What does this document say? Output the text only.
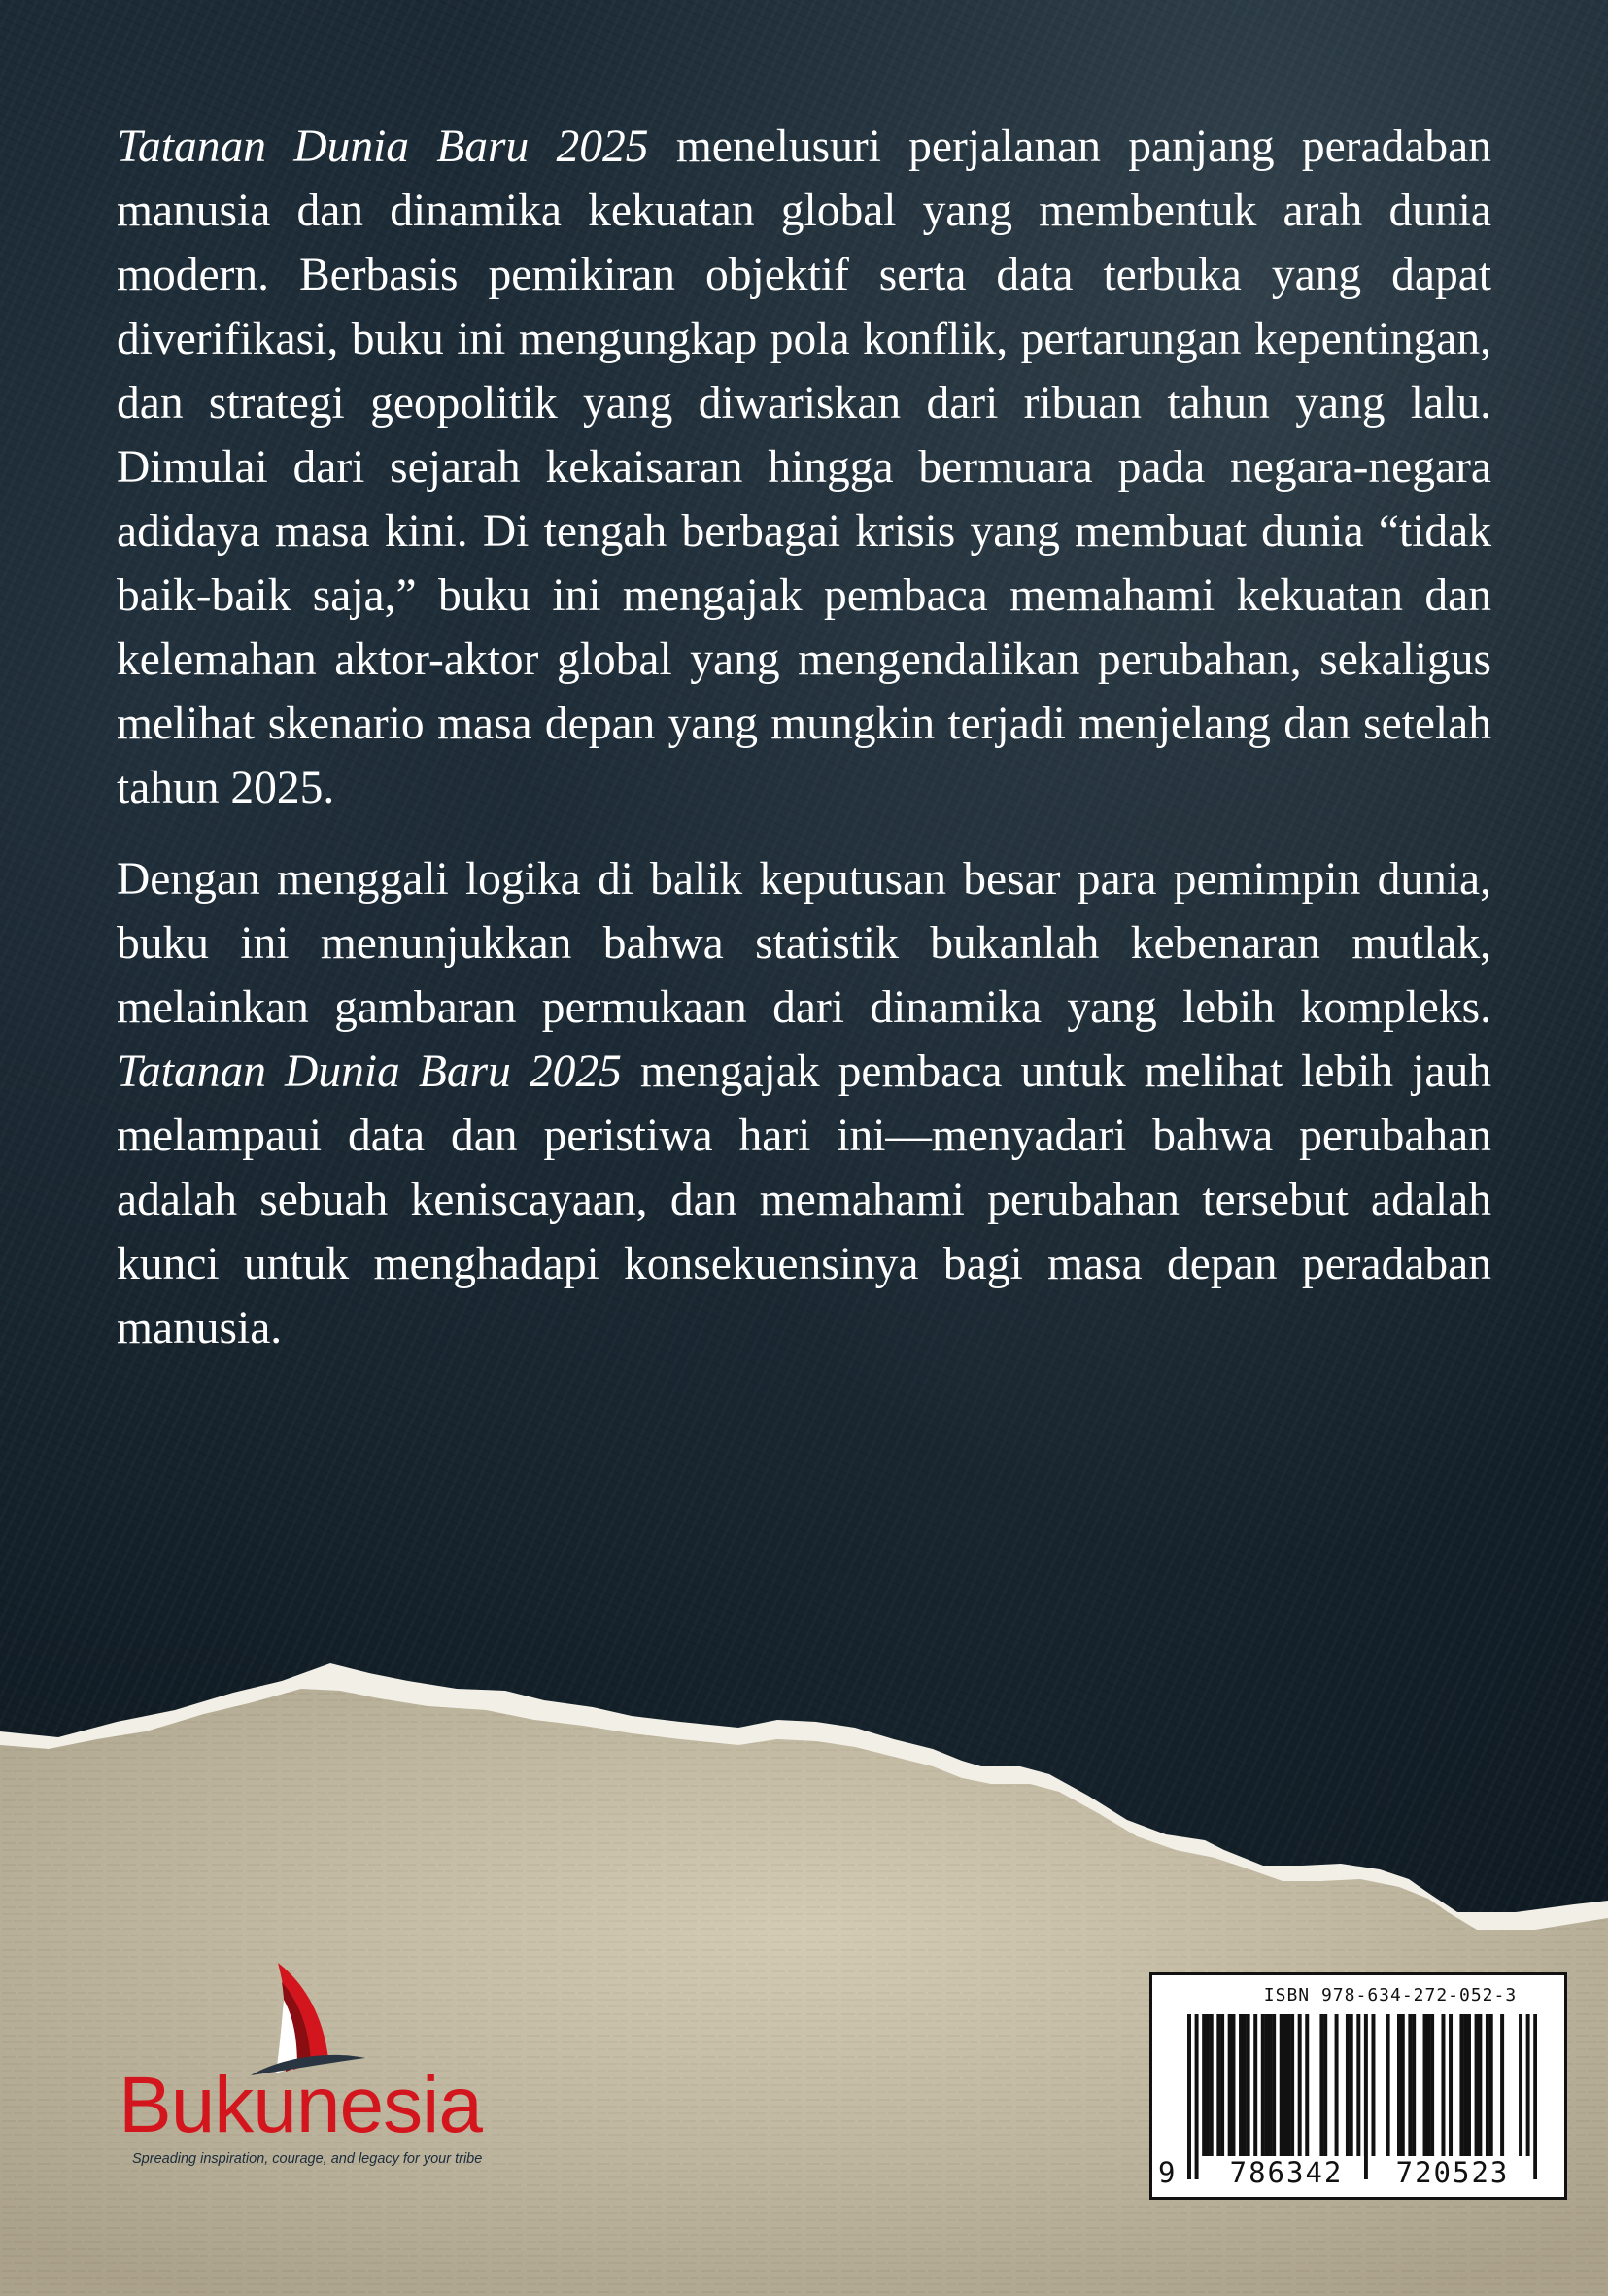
Tatanan Dunia Baru 2025 menelusuri perjalanan panjang peradaban manusia dan dinamika kekuatan global yang membentuk arah dunia modern. Berbasis pemikiran objektif serta data terbuka yang dapat diverifikasi, buku ini mengungkap pola konflik, pertarungan kepentingan, dan strategi geopolitik yang diwariskan dari ribuan tahun yang lalu. Dimulai dari sejarah kekaisaran hingga bermuara pada negara-negara adidaya masa kini. Di tengah berbagai krisis yang membuat dunia “tidak baik-baik saja,” buku ini mengajak pembaca memahami kekuatan dan kelemahan aktor-aktor global yang mengendalikan perubahan, sekaligus melihat skenario masa depan yang mungkin terjadi menjelang dan setelah tahun 2025.

Dengan menggali logika di balik keputusan besar para pemimpin dunia, buku ini menunjukkan bahwa statistik bukanlah kebenaran mutlak, melainkan gambaran permukaan dari dinamika yang lebih kompleks. Tatanan Dunia Baru 2025 mengajak pembaca untuk melihat lebih jauh melampaui data dan peristiwa hari ini—menyadari bahwa perubahan adalah sebuah keniscayaan, dan memahami perubahan tersebut adalah kunci untuk menghadapi konsekuensinya bagi masa depan peradaban manusia.

Bukunesia
Spreading inspiration, courage, and legacy for your tribe
ISBN 978-634-272-052-3
9	786342	720523
